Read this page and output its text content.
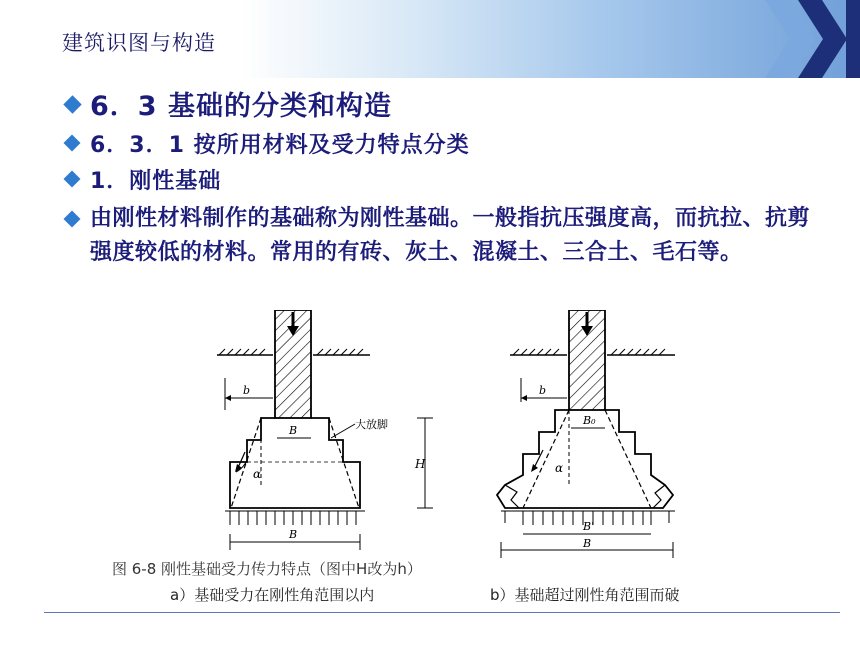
建筑识图与构造
6．3 基础的分类和构造
6．3．1 按所用材料及受力特点分类
1．刚性基础
由刚性材料制作的基础称为刚性基础。一般指抗压强度高，而抗拉、抗剪强度较低的材料。常用的有砖、灰土、混凝土、三合土、毛石等。
b
B
α
H
大放脚
B
b
B₀
α
B'
B
图 6-8 刚性基础受力传力特点（图中H改为h）
a）基础受力在刚性角范围以内	b）基础超过刚性角范围而破
